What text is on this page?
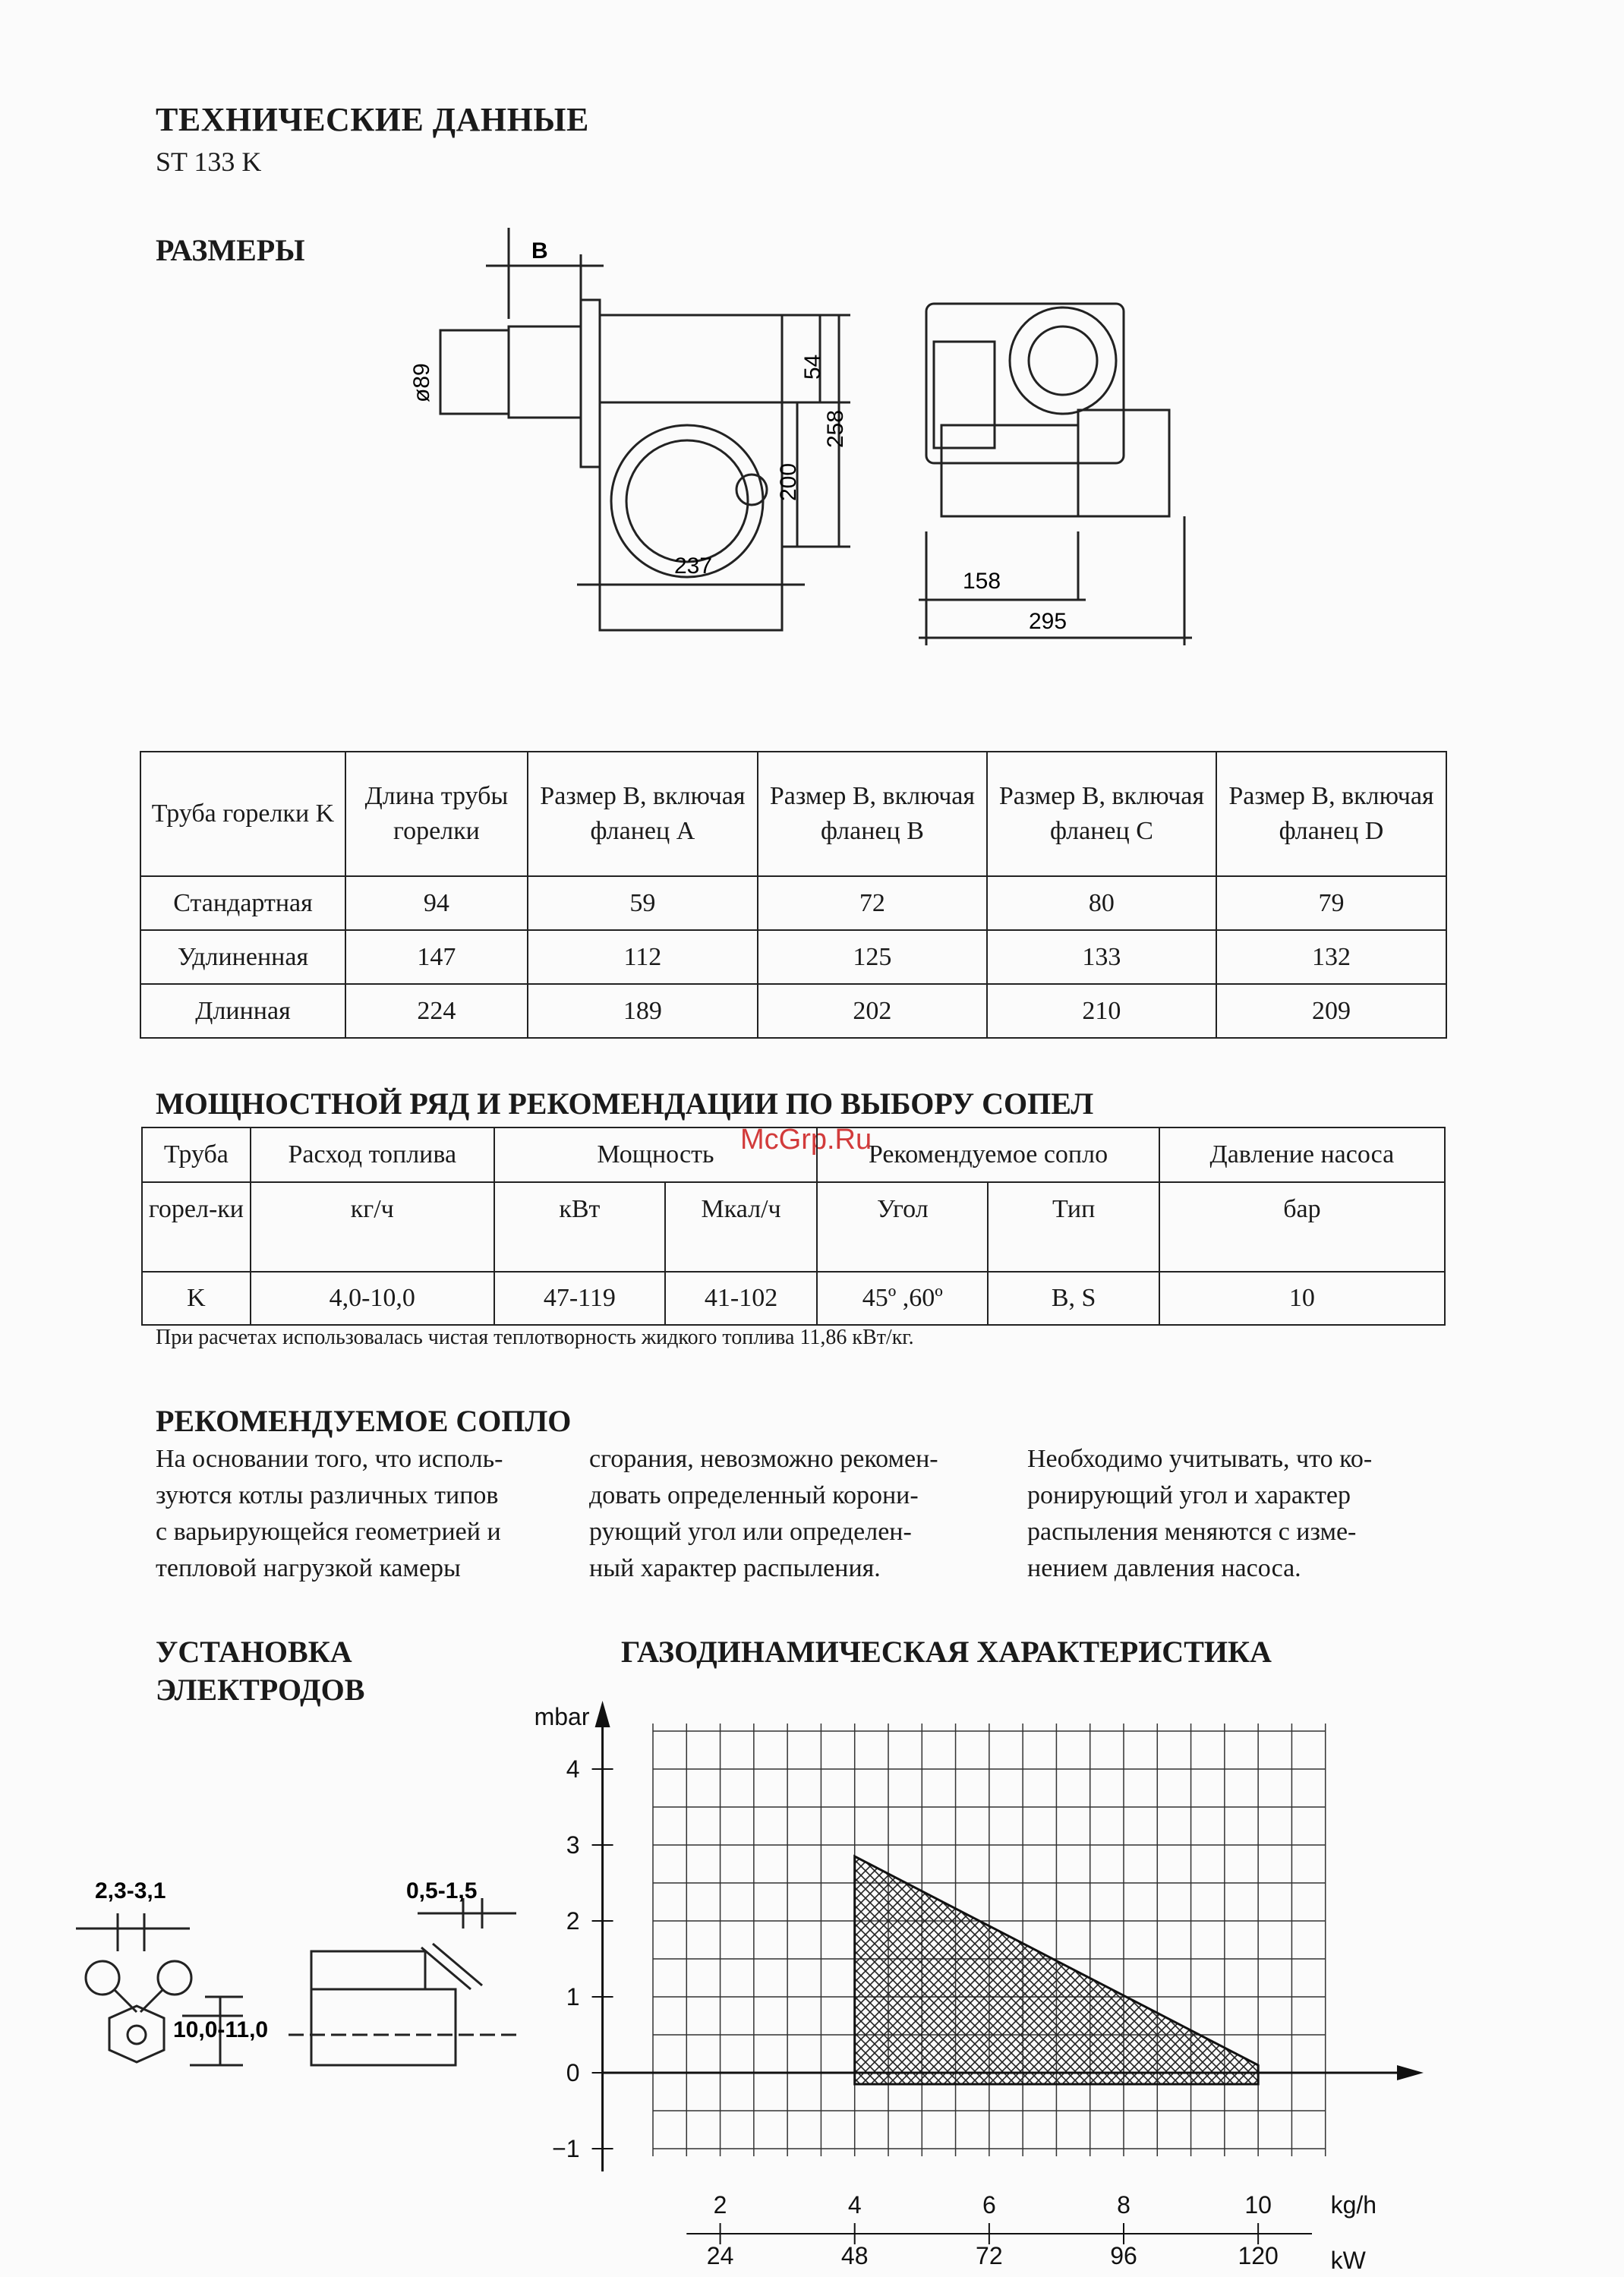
ТЕХНИЧЕСКИЕ ДАННЫЕ
ST 133 K
РАЗМЕРЫ	B
ø89	54
200
258
237
158
295
Труба горелки K	Длина трубы горелки	Размер B, включая фланец A	Размер B, включая фланец B	Размер B, включая фланец C	Размер B, включая фланец D
Стандартная	94	59	72	80	79
Удлиненная	147	112	125	133	132
Длинная	224	189	202	210	209
МОЩНОСТНОЙ РЯД И РЕКОМЕНДАЦИИ ПО ВЫБОРУ СОПЕЛ
McGrp.Ru
Труба	Расход топлива	Мощность		Рекомендуемое сопло		Давление насоса
горел-ки	кг/ч	кВт	Мкал/ч	Угол	Тип	бар
K	4,0-10,0	47-119	41-102	45º ,60º	B, S	10
При расчетах использовалась чистая теплотворность жидкого топлива 11,86 кВт/кг.
РЕКОМЕНДУЕМОЕ СОПЛО
На основании того, что исполь-
зуются котлы различных типов
с варьирующейся геометрией и
тепловой нагрузкой камеры
сгорания, невозможно рекомен-
довать определенный корони-
рующий угол или определен-
ный характер распыления.
Необходимо учитывать, что ко-
ронирующий угол и характер
распыления меняются с изме-
нением давления насоса.
УСТАНОВКА
ЭЛЕКТРОДОВ
2,3-3,1	0,5-1,5
10,0-11,0
ГАЗОДИНАМИЧЕСКАЯ ХАРАКТЕРИСТИКА
−1
0
1
2
3
4
mbar
2
24
4
48
6
72
8
96
10
120
kg/h
kW
